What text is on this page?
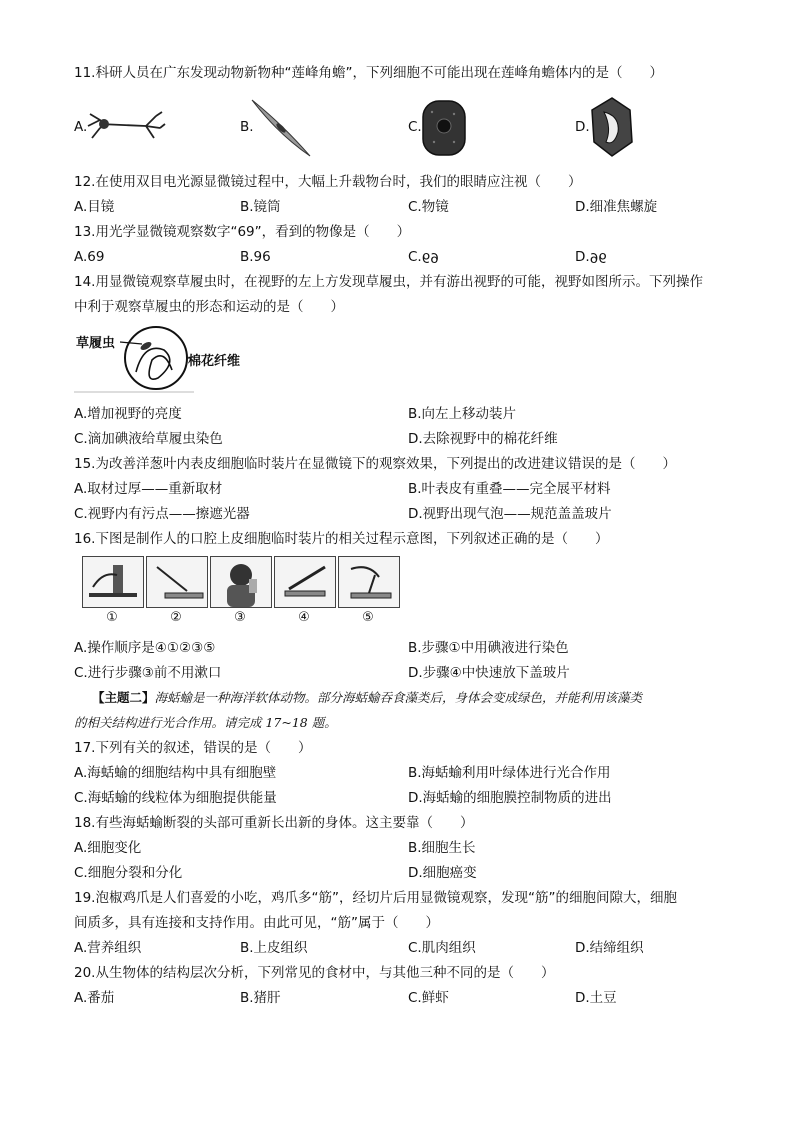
11.科研人员在广东发现动物新物种“莲峰角蟾”，下列细胞不可能出现在莲峰角蟾体内的是（　　）
A.	B.	C.	D.
12.在使用双目电光源显微镜过程中，大幅上升载物台时，我们的眼睛应注视（　　）
A.目镜	B.镜筒	C.物镜	D.细准焦螺旋
13.用光学显微镜观察数字“69”，看到的物像是（　　）
A.69	B.96	C.69	D.96
14.用显微镜观察草履虫时，在视野的左上方发现草履虫，并有游出视野的可能，视野如图所示。下列操作
中利于观察草履虫的形态和运动的是（　　）
草履虫
棉花纤维
A.增加视野的亮度	B.向左上移动装片
C.滴加碘液给草履虫染色	D.去除视野中的棉花纤维
15.为改善洋葱叶内表皮细胞临时装片在显微镜下的观察效果，下列提出的改进建议错误的是（　　）
A.取材过厚——重新取材	B.叶表皮有重叠——完全展平材料
C.视野内有污点——擦遮光器	D.视野出现气泡——规范盖盖玻片
16.下图是制作人的口腔上皮细胞临时装片的相关过程示意图，下列叙述正确的是（　　）
①	②	③	④	⑤
A.操作顺序是④①②③⑤	B.步骤①中用碘液进行染色
C.进行步骤③前不用漱口	D.步骤④中快速放下盖玻片
【主题二】海蛞蝓是一种海洋软体动物。部分海蛞蝓吞食藻类后，身体会变成绿色，并能利用该藻类
的相关结构进行光合作用。请完成 17~18 题。
17.下列有关的叙述，错误的是（　　）
A.海蛞蝓的细胞结构中具有细胞壁	B.海蛞蝓利用叶绿体进行光合作用
C.海蛞蝓的线粒体为细胞提供能量	D.海蛞蝓的细胞膜控制物质的进出
18.有些海蛞蝓断裂的头部可重新长出新的身体。这主要靠（　　）
A.细胞变化	B.细胞生长
C.细胞分裂和分化	D.细胞癌变
19.泡椒鸡爪是人们喜爱的小吃，鸡爪多“筋”，经切片后用显微镜观察，发现“筋”的细胞间隙大，细胞
间质多，具有连接和支持作用。由此可见，“筋”属于（　　）
A.营养组织	B.上皮组织	C.肌肉组织	D.结缔组织
20.从生物体的结构层次分析，下列常见的食材中，与其他三种不同的是（　　）
A.番茄	B.猪肝	C.鲜虾	D.土豆
